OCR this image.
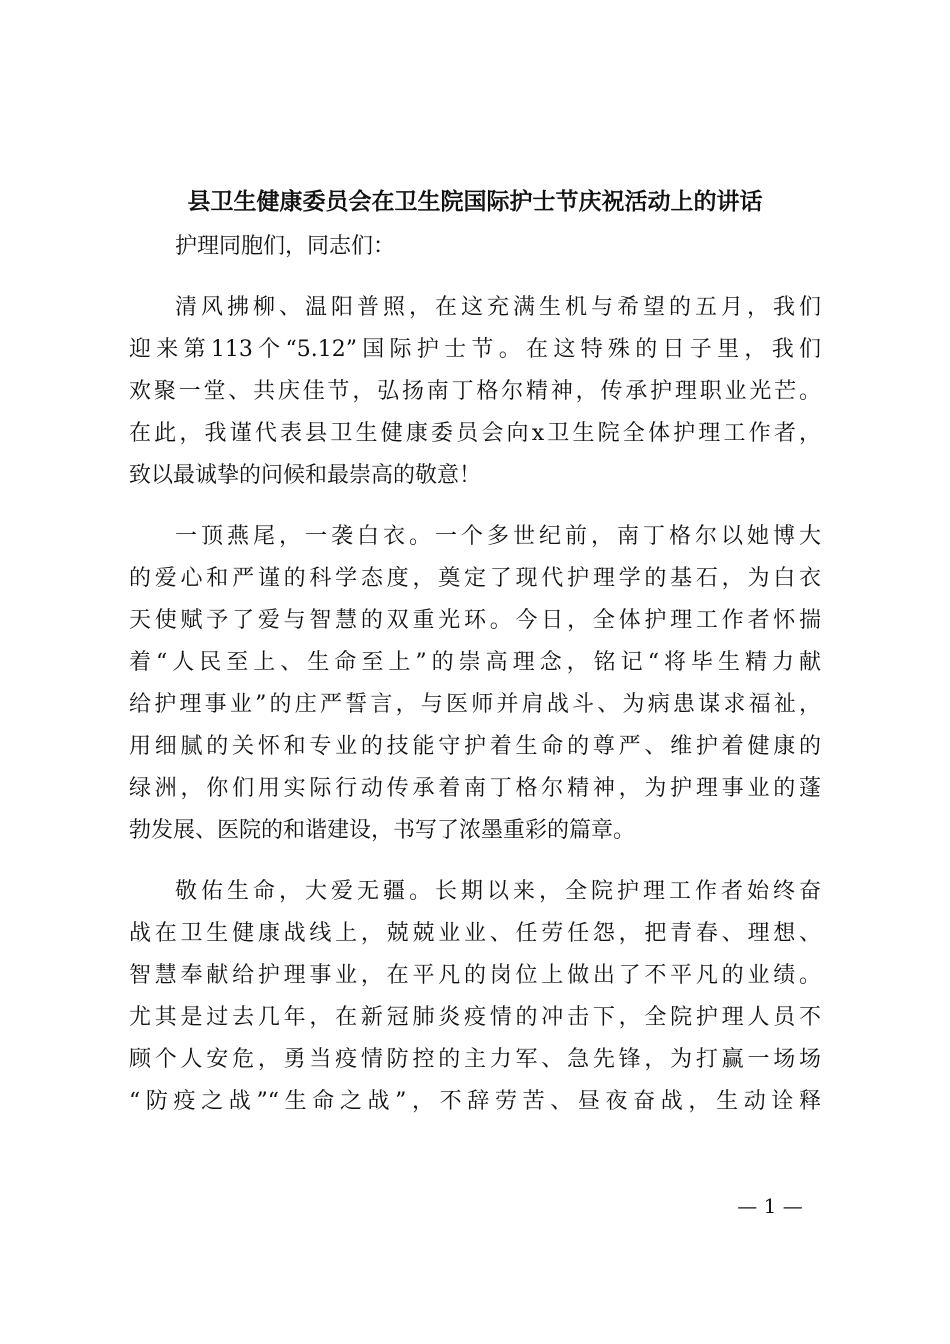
县卫生健康委员会在卫生院国际护士节庆祝活动上的讲话
护理同胞们，同志们：
清风拂柳、温阳普照，在这充满生机与希望的五月，我们
迎来第113个“5.12”国际护士节。在这特殊的日子里，我们
欢聚一堂、共庆佳节，弘扬南丁格尔精神，传承护理职业光芒。
在此，我谨代表县卫生健康委员会向x卫生院全体护理工作者，
致以最诚挚的问候和最崇高的敬意！
一顶燕尾，一袭白衣。一个多世纪前，南丁格尔以她博大
的爱心和严谨的科学态度，奠定了现代护理学的基石，为白衣
天使赋予了爱与智慧的双重光环。今日，全体护理工作者怀揣
着“人民至上、生命至上”的崇高理念，铭记“将毕生精力献
给护理事业”的庄严誓言，与医师并肩战斗、为病患谋求福祉，
用细腻的关怀和专业的技能守护着生命的尊严、维护着健康的
绿洲，你们用实际行动传承着南丁格尔精神，为护理事业的蓬
勃发展、医院的和谐建设，书写了浓墨重彩的篇章。
敬佑生命，大爱无疆。长期以来，全院护理工作者始终奋
战在卫生健康战线上，兢兢业业、任劳任怨，把青春、理想、
智慧奉献给护理事业，在平凡的岗位上做出了不平凡的业绩。
尤其是过去几年，在新冠肺炎疫情的冲击下，全院护理人员不
顾个人安危，勇当疫情防控的主力军、急先锋，为打赢一场场
“防疫之战”“生命之战”，不辞劳苦、昼夜奋战，生动诠释
— 1 —
